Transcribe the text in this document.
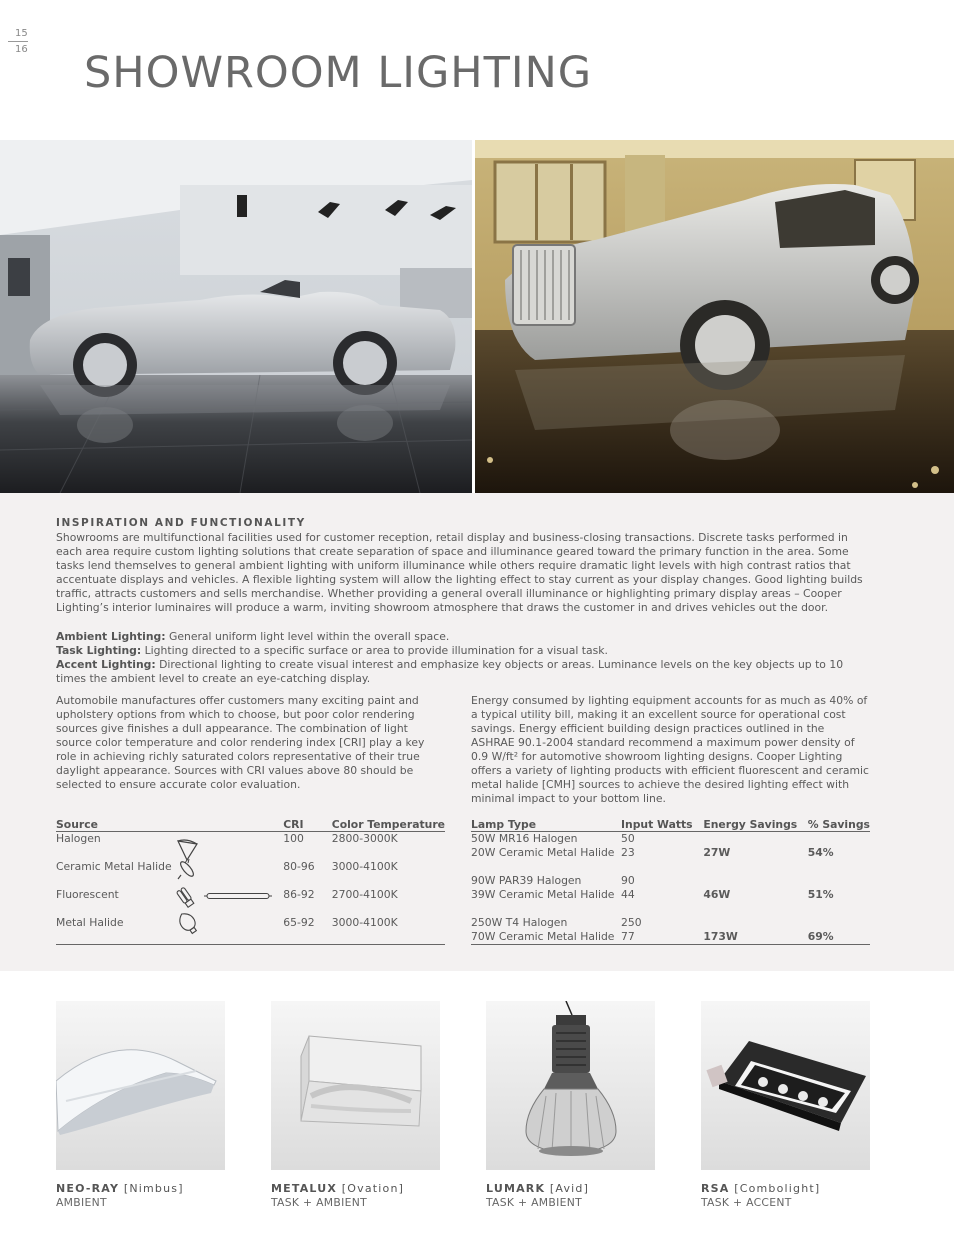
15
16 SHOWROOM LIGHTING
INSPIRATION AND FUNCTIONALITY

Showrooms are multifunctional facilities used for customer reception, retail display and business-closing transactions. Discrete tasks performed in each area require custom lighting solutions that create separation of space and illuminance geared toward the primary function in the area. Some tasks lend themselves to general ambient lighting with uniform illuminance while others require dramatic light levels with high contrast ratios that accentuate displays and vehicles. A flexible lighting system will allow the lighting effect to stay current as your display changes. Good lighting builds traffic, attracts customers and sells merchandise. Whether providing a general overall illuminance or highlighting primary display areas – Cooper Lighting’s interior luminaires will produce a warm, inviting showroom atmosphere that draws the customer in and drives vehicles out the door.

Ambient Lighting: General uniform light level within the overall space.
Task Lighting: Lighting directed to a specific surface or area to provide illumination for a visual task.
Accent Lighting: Directional lighting to create visual interest and emphasize key objects or areas. Luminance levels on the key objects up to 10 times the ambient level to create an eye-catching display.

Automobile manufactures offer customers many exciting paint and upholstery options from which to choose, but poor color rendering sources give finishes a dull appearance. The combination of light source color temperature and color rendering index [CRI] play a key role in achieving richly saturated colors representative of their true daylight appearance. Sources with CRI values above 80 should be selected to ensure accurate color evaluation.

Energy consumed by lighting equipment accounts for as much as 40% of a typical utility bill, making it an excellent source for operational cost savings. Energy efficient building design practices outlined in the ASHRAE 90.1-2004 standard recommend a maximum power density of 0.9 W/ft² for automotive showroom lighting designs. Cooper Lighting offers a variety of lighting products with efficient fluorescent and ceramic metal halide [CMH] sources to achieve the desired lighting effect with minimal impact to your bottom line.

Source	CRI	Color Temperature
Halogen	100	2800-3000K

Ceramic Metal Halide	80-96	3000-4100K

Fluorescent	86-92	2700-4100K

Metal Halide	65-92	3000-4100K

Lamp Type	Input Watts	Energy Savings	% Savings
50W MR16 Halogen	50		
20W Ceramic Metal Halide	23	27W	54%

90W PAR39 Halogen	90		
39W Ceramic Metal Halide	44	46W	51%

250W T4 Halogen	250		
70W Ceramic Metal Halide	77	173W	69%
NEO-RAY [Nimbus]
AMBIENT
METALUX [Ovation]
TASK + AMBIENT
LUMARK [Avid]
TASK + AMBIENT
RSA [Combolight]
TASK + ACCENT
